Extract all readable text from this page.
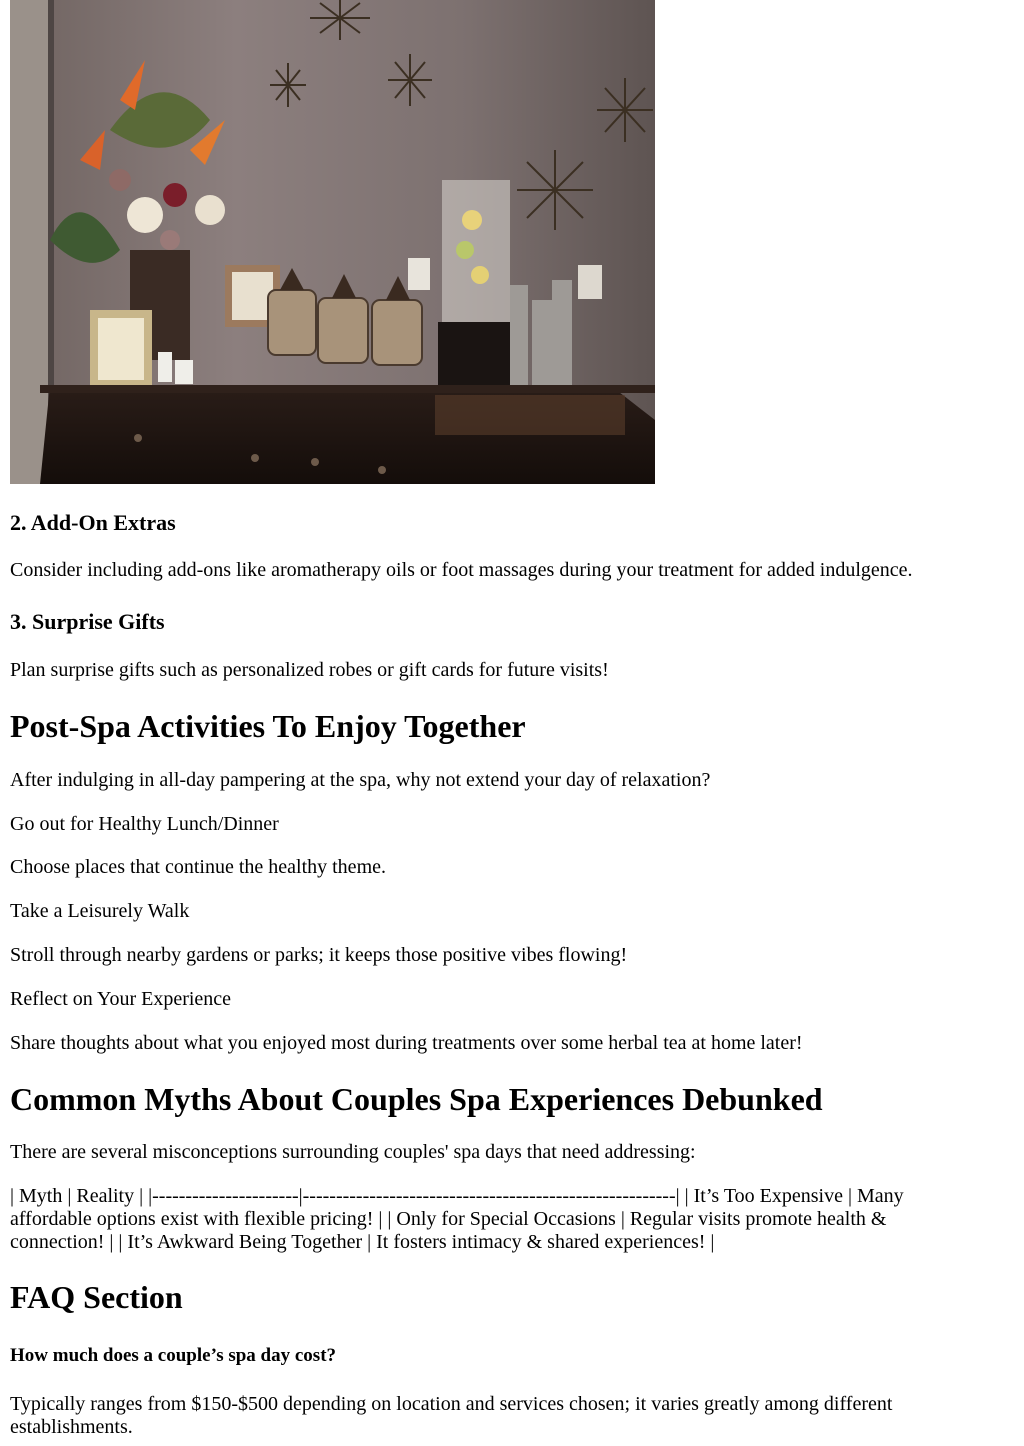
2. Add-On Extras

Consider including add-ons like aromatherapy oils or foot massages during your treatment for added indulgence.

3. Surprise Gifts

Plan surprise gifts such as personalized robes or gift cards for future visits!

Post-Spa Activities To Enjoy Together

After indulging in all-day pampering at the spa, why not extend your day of relaxation?

Go out for Healthy Lunch/Dinner

Choose places that continue the healthy theme.

Take a Leisurely Walk

Stroll through nearby gardens or parks; it keeps those positive vibes flowing!

Reflect on Your Experience

Share thoughts about what you enjoyed most during treatments over some herbal tea at home later!

Common Myths About Couples Spa Experiences Debunked

There are several misconceptions surrounding couples' spa days that need addressing:

| Myth | Reality | |----------------------|--------------------------------------------------------| | It’s Too Expensive | Many

affordable options exist with flexible pricing! | | Only for Special Occasions | Regular visits promote health &

connection! | | It’s Awkward Being Together | It fosters intimacy & shared experiences! |

FAQ Section
How much does a couple’s spa day cost?

Typically ranges from $150-$500 depending on location and services chosen; it varies greatly among different

establishments.
